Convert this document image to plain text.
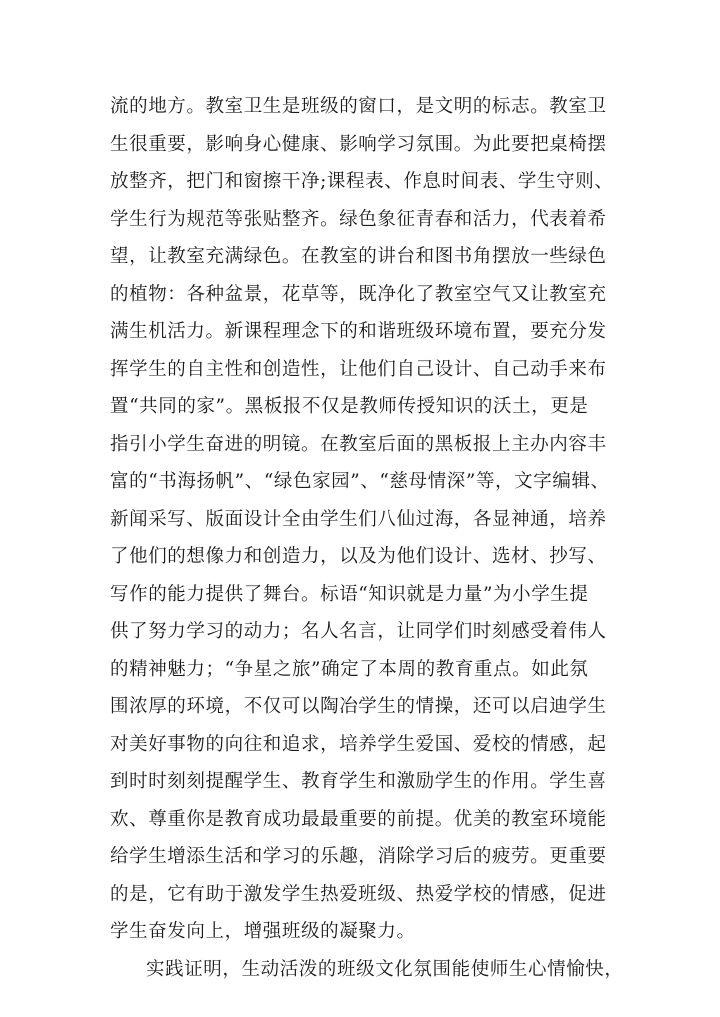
流的地方。教室卫生是班级的窗口，是文明的标志。教室卫
生很重要，影响身心健康、影响学习氛围。为此要把桌椅摆
放整齐，把门和窗擦干净;课程表、作息时间表、学生守则、
学生行为规范等张贴整齐。绿色象征青春和活力，代表着希
望，让教室充满绿色。在教室的讲台和图书角摆放一些绿色
的植物：各种盆景，花草等，既净化了教室空气又让教室充
满生机活力。新课程理念下的和谐班级环境布置，要充分发
挥学生的自主性和创造性，让他们自己设计、自己动手来布
置“共同的家”。黑板报不仅是教师传授知识的沃土，更是
指引小学生奋进的明镜。在教室后面的黑板报上主办内容丰
富的“书海扬帆”、“绿色家园”、“慈母情深”等，文字编辑、
新闻采写、版面设计全由学生们八仙过海，各显神通，培养
了他们的想像力和创造力，以及为他们设计、选材、抄写、
写作的能力提供了舞台。标语“知识就是力量”为小学生提
供了努力学习的动力；名人名言，让同学们时刻感受着伟人
的精神魅力；“争星之旅”确定了本周的教育重点。如此氛
围浓厚的环境，不仅可以陶冶学生的情操，还可以启迪学生
对美好事物的向往和追求，培养学生爱国、爱校的情感，起
到时时刻刻提醒学生、教育学生和激励学生的作用。学生喜
欢、尊重你是教育成功最最重要的前提。优美的教室环境能
给学生增添生活和学习的乐趣，消除学习后的疲劳。更重要
的是，它有助于激发学生热爱班级、热爱学校的情感，促进
学生奋发向上，增强班级的凝聚力。
实践证明，生动活泼的班级文化氛围能使师生心情愉快，
